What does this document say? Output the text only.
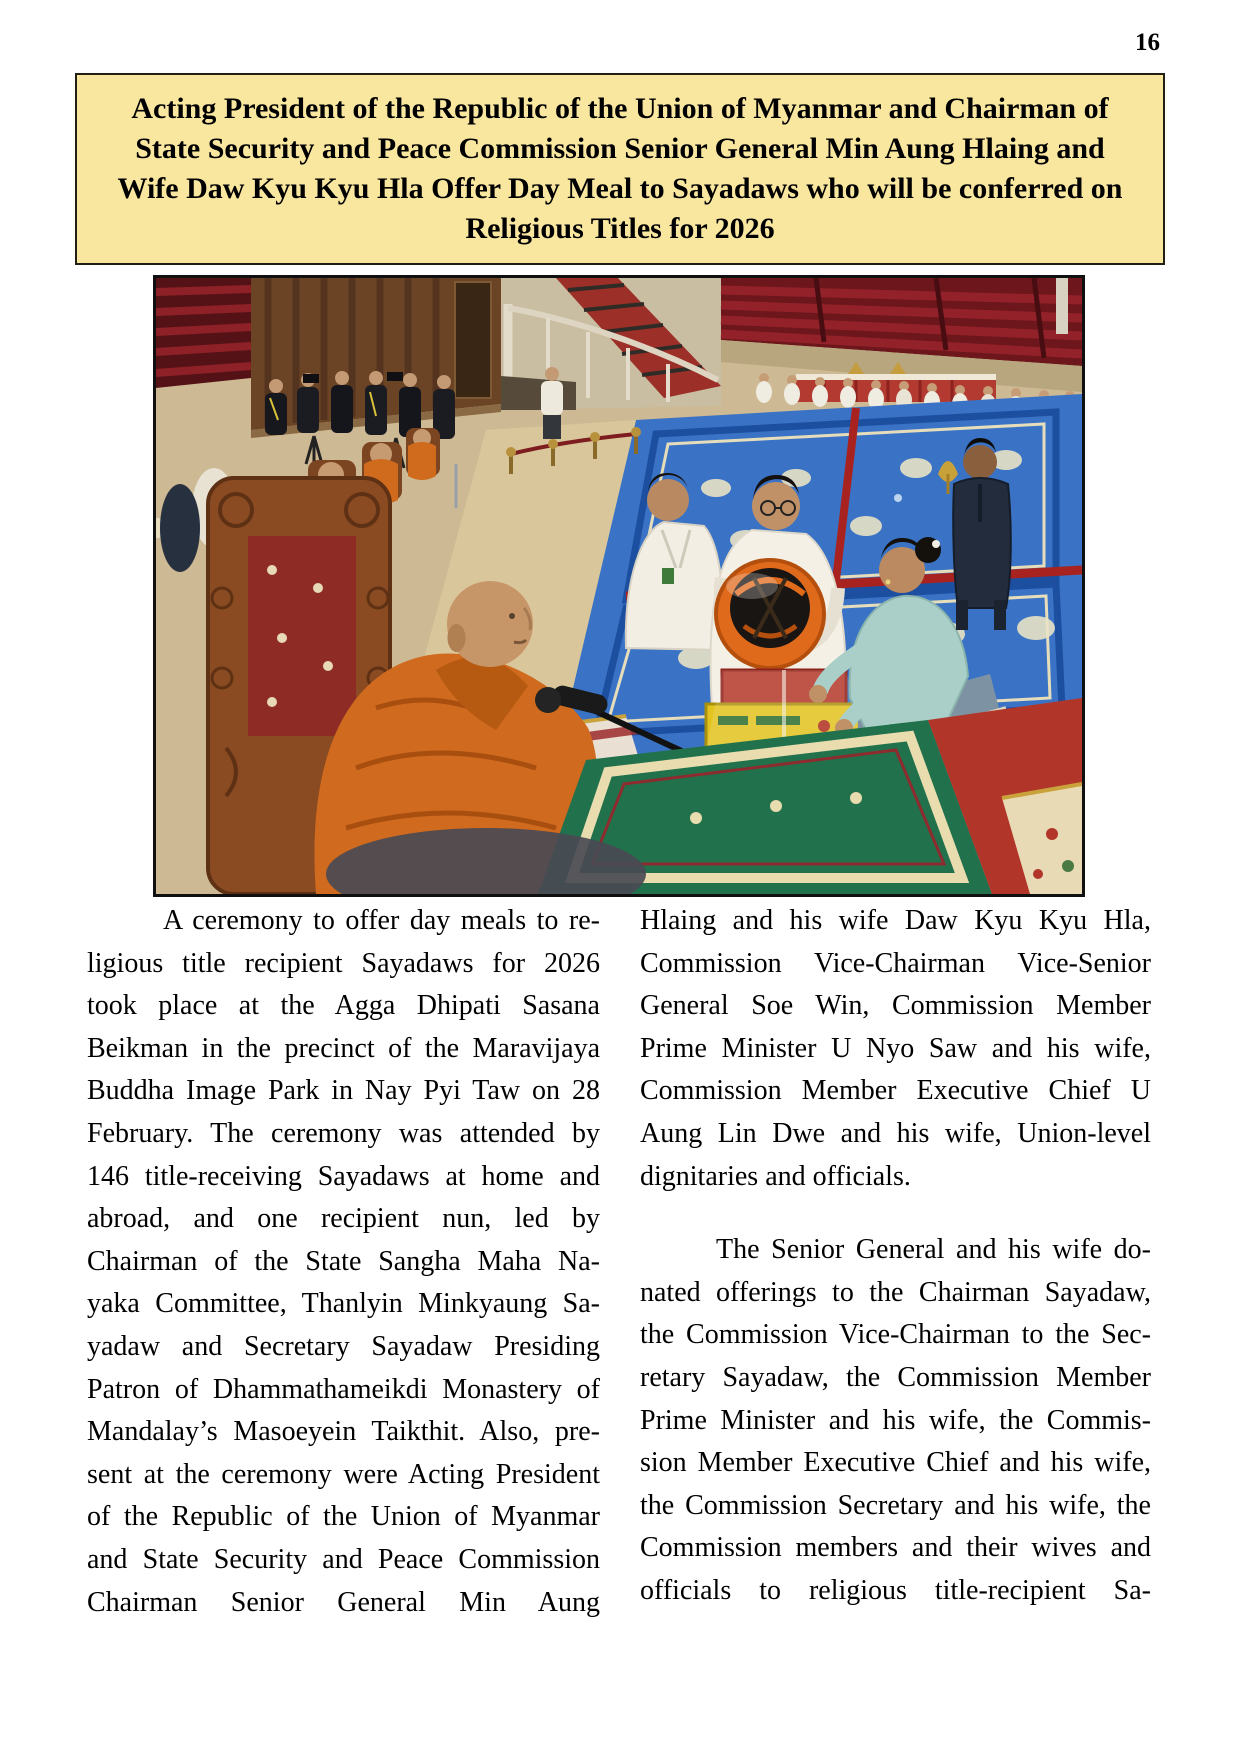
16
Acting President of the Republic of the Union of Myanmar and Chairman of
State Security and Peace Commission Senior General Min Aung Hlaing and
Wife Daw Kyu Kyu Hla Offer Day Meal to Sayadaws who will be conferred on
Religious Titles for 2026
A ceremony to offer day meals to re-
ligious title recipient Sayadaws for 2026
took place at the Agga Dhipati Sasana
Beikman in the precinct of the Maravijaya
Buddha Image Park in Nay Pyi Taw on 28
February. The ceremony was attended by
146 title-receiving Sayadaws at home and
abroad, and one recipient nun, led by
Chairman of the State Sangha Maha Na-
yaka Committee, Thanlyin Minkyaung Sa-
yadaw and Secretary Sayadaw Presiding
Patron of Dhammathameikdi Monastery of
Mandalay’s Masoeyein Taikthit. Also, pre-
sent at the ceremony were Acting President
of the Republic of the Union of Myanmar
and State Security and Peace Commission
Chairman Senior General Min Aung
Hlaing and his wife Daw Kyu Kyu Hla,
Commission Vice-Chairman Vice-Senior
General Soe Win, Commission Member
Prime Minister U Nyo Saw and his wife,
Commission Member Executive Chief U
Aung Lin Dwe and his wife, Union-level
dignitaries and officials.
The Senior General and his wife do-
nated offerings to the Chairman Sayadaw,
the Commission Vice-Chairman to the Sec-
retary Sayadaw, the Commission Member
Prime Minister and his wife, the Commis-
sion Member Executive Chief and his wife,
the Commission Secretary and his wife, the
Commission members and their wives and
officials to religious title-recipient Sa-
